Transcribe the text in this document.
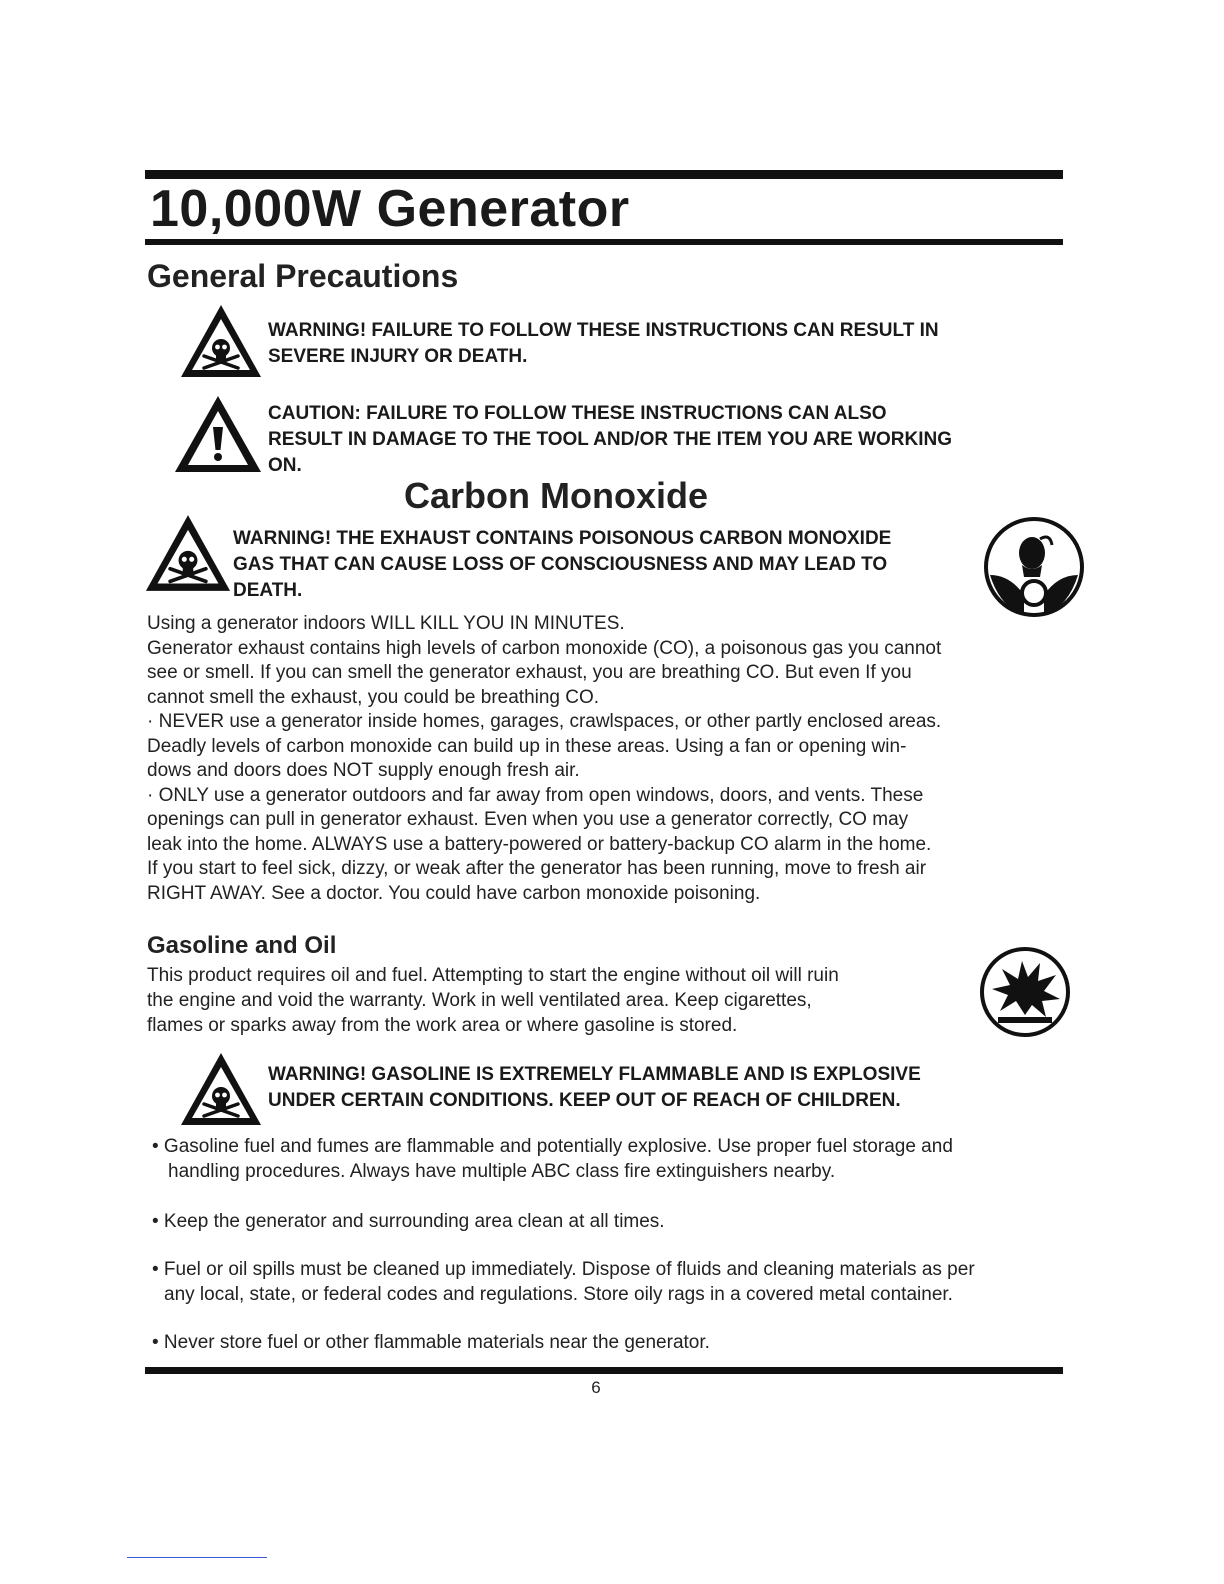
10,000W Generator
General Precautions

WARNING! FAILURE TO FOLLOW THESE INSTRUCTIONS CAN RESULT IN
SEVERE INJURY OR DEATH.

CAUTION: FAILURE TO FOLLOW THESE INSTRUCTIONS CAN ALSO
RESULT IN DAMAGE TO THE TOOL AND/OR THE ITEM YOU ARE WORKING
ON.

Carbon Monoxide

WARNING! THE EXHAUST CONTAINS POISONOUS CARBON MONOXIDE
GAS THAT CAN CAUSE LOSS OF CONSCIOUSNESS AND MAY LEAD TO
DEATH.

Using a generator indoors WILL KILL YOU IN MINUTES.
Generator exhaust contains high levels of carbon monoxide (CO), a poisonous gas you cannot
see or smell. If you can smell the generator exhaust, you are breathing CO. But even If you
cannot smell the exhaust, you could be breathing CO.
· NEVER use a generator inside homes, garages, crawlspaces, or other partly enclosed areas.
Deadly levels of carbon monoxide can build up in these areas. Using a fan or opening win-
dows and doors does NOT supply enough fresh air.
· ONLY use a generator outdoors and far away from open windows, doors, and vents. These
openings can pull in generator exhaust. Even when you use a generator correctly, CO may
leak into the home. ALWAYS use a battery-powered or battery-backup CO alarm in the home.
If you start to feel sick, dizzy, or weak after the generator has been running, move to fresh air
RIGHT AWAY. See a doctor. You could have carbon monoxide poisoning.
Gasoline and Oil
This product requires oil and fuel. Attempting to start the engine without oil will ruin
the engine and void the warranty. Work in well ventilated area. Keep cigarettes,
flames or sparks away from the work area or where gasoline is stored.

WARNING! GASOLINE IS EXTREMELY FLAMMABLE AND IS EXPLOSIVE
UNDER CERTAIN CONDITIONS. KEEP OUT OF REACH OF CHILDREN.

• Gasoline fuel and fumes are flammable and potentially explosive. Use proper fuel storage and
handling procedures. Always have multiple ABC class fire extinguishers nearby.
• Keep the generator and surrounding area clean at all times.
• Fuel or oil spills must be cleaned up immediately. Dispose of fluids and cleaning materials as per
any local, state, or federal codes and regulations. Store oily rags in a covered metal container.
• Never store fuel or other flammable materials near the generator.
6
